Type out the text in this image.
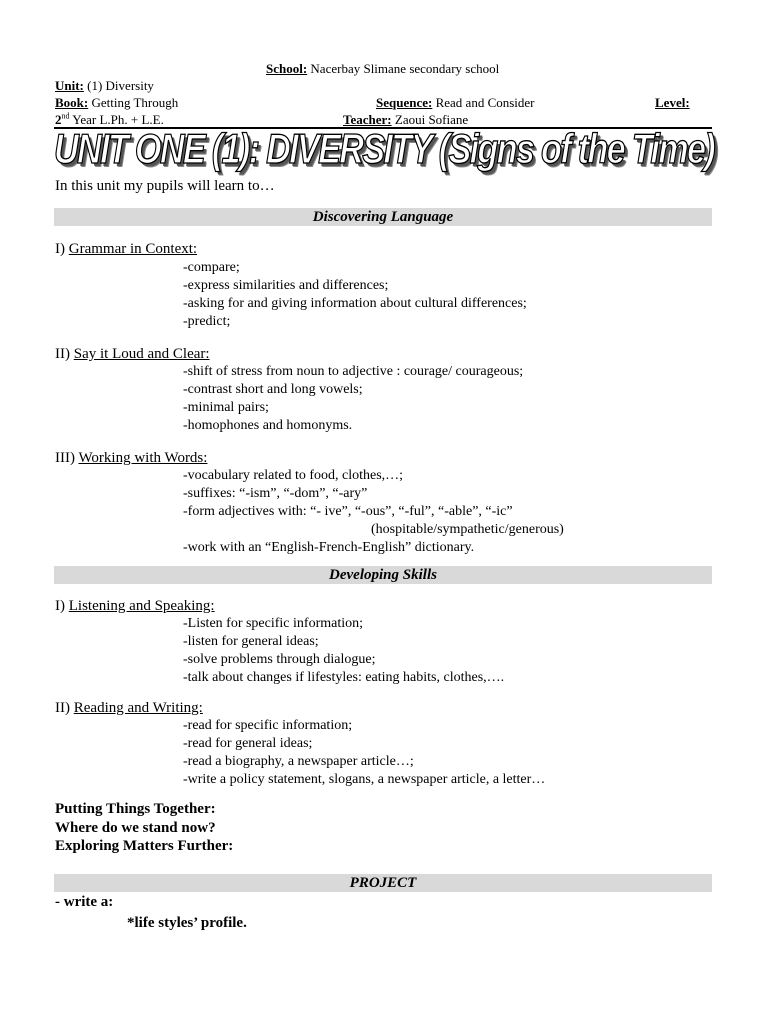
School: Nacerbay Slimane secondary school
Unit: (1) Diversity
Book: Getting Through	Sequence: Read and Consider	Level:
2nd Year L.Ph. + L.E.	Teacher: Zaoui Sofiane
UNIT ONE (1): DIVERSITY (Signs of the Time)
In this unit my pupils will learn to…
Discovering Language
I) Grammar in Context:
-compare;
-express similarities and differences;
-asking for and giving information about cultural differences;
-predict;
II) Say it Loud and Clear:
-shift of stress from noun to adjective : courage/ courageous;
-contrast short and long vowels;
-minimal pairs;
-homophones and homonyms.
III) Working with Words:
-vocabulary related to food, clothes,…;
-suffixes: “-ism”, “-dom”, “-ary”
-form adjectives with: “- ive”, “-ous”, “-ful”, “-able”, “-ic”
(hospitable/sympathetic/generous)
-work with an “English-French-English” dictionary.
Developing Skills
I) Listening and Speaking:
-Listen for specific information;
-listen for general ideas;
-solve problems through dialogue;
-talk about changes if lifestyles: eating habits, clothes,….
II) Reading and Writing:
-read for specific information;
-read for general ideas;
-read a biography, a newspaper article…;
-write a policy statement, slogans, a newspaper article, a letter…
Putting Things Together:
Where do we stand now?
Exploring Matters Further:
PROJECT
- write a:
*life styles’ profile.
